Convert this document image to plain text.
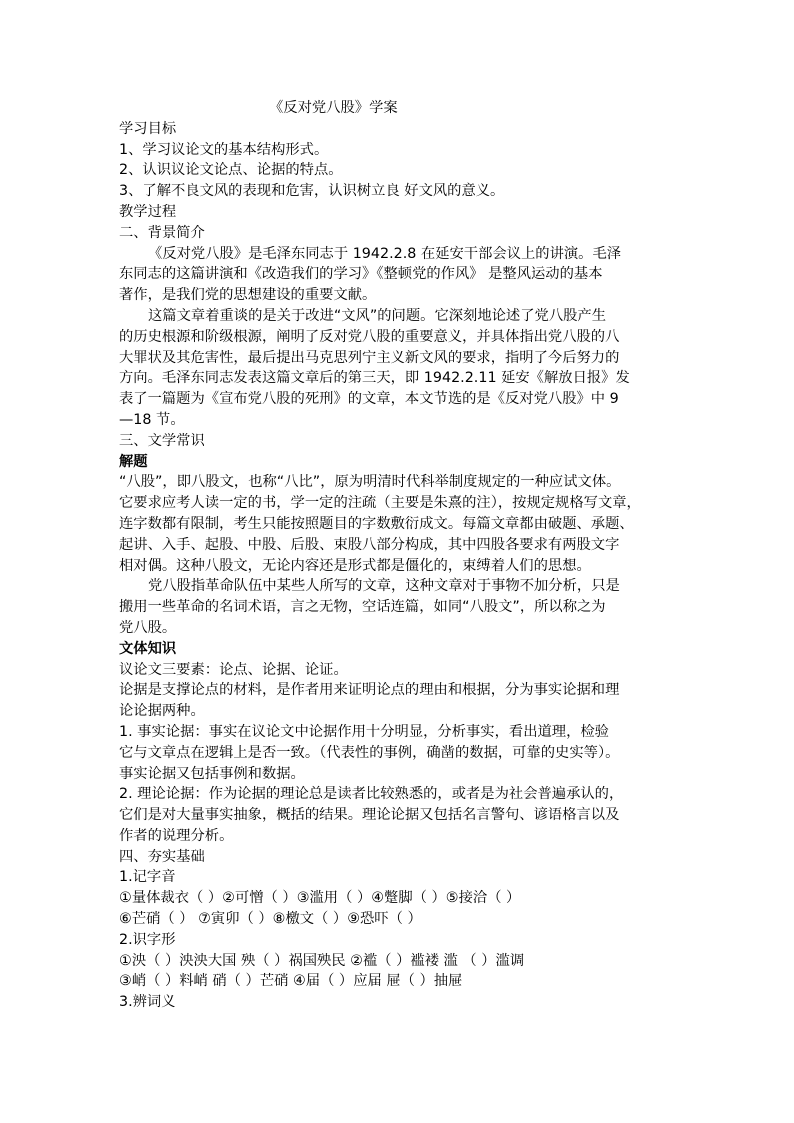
《反对党八股》学案
学习目标
1、学习议论文的基本结构形式。
2、认识议论文论点、论据的特点。
3、了解不良文风的表现和危害，认识树立良 好文风的意义。
教学过程
二、背景简介
《反对党八股》是毛泽东同志于 1942.2.8 在延安干部会议上的讲演。毛泽
东同志的这篇讲演和《改造我们的学习》《整顿党的作风》 是整风运动的基本
著作，是我们党的思想建设的重要文献。
这篇文章着重谈的是关于改进“文风”的问题。它深刻地论述了党八股产生
的历史根源和阶级根源，阐明了反对党八股的重要意义，并具体指出党八股的八
大罪状及其危害性，最后提出马克思列宁主义新文风的要求，指明了今后努力的
方向。毛泽东同志发表这篇文章后的第三天，即 1942.2.11 延安《解放日报》发
表了一篇题为《宣布党八股的死刑》的文章，本文节选的是《反对党八股》中 9
—18 节。
三、文学常识
解题
“八股”，即八股文，也称“八比”，原为明清时代科举制度规定的一种应试文体。
它要求应考人读一定的书，学一定的注疏（主要是朱熹的注），按规定规格写文章，
连字数都有限制，考生只能按照题目的字数敷衍成文。每篇文章都由破题、承题、
起讲、入手、起股、中股、后股、束股八部分构成，其中四股各要求有两股文字
相对偶。这种八股文，无论内容还是形式都是僵化的，束缚着人们的思想。
党八股指革命队伍中某些人所写的文章，这种文章对于事物不加分析，只是
搬用一些革命的名词术语，言之无物，空话连篇，如同“八股文”，所以称之为
党八股。
文体知识
议论文三要素：论点、论据、论证。
论据是支撑论点的材料，是作者用来证明论点的理由和根据，分为事实论据和理
论论据两种。
1. 事实论据：事实在议论文中论据作用十分明显，分析事实，看出道理，检验
它与文章点在逻辑上是否一致。（代表性的事例，确凿的数据，可靠的史实等）。
事实论据又包括事例和数据。
2. 理论论据：作为论据的理论总是读者比较熟悉的，或者是为社会普遍承认的，
它们是对大量事实抽象，概括的结果。理论论据又包括名言警句、谚语格言以及
作者的说理分析。
四、夯实基础
1.记字音
①量体裁衣（ ）②可憎（ ）③滥用（ ）④蹩脚（ ）⑤接洽（ ）
⑥芒硝（ ） ⑦寅卯（ ）⑧檄文（ ）⑨恐吓（ ）
2.识字形
①泱（ ）泱泱大国 殃（ ）祸国殃民 ②褴（ ）褴褛 滥 （ ）滥调
③峭（ ）料峭 硝（ ）芒硝 ④届（ ）应届 屉（ ）抽屉
3.辨词义
